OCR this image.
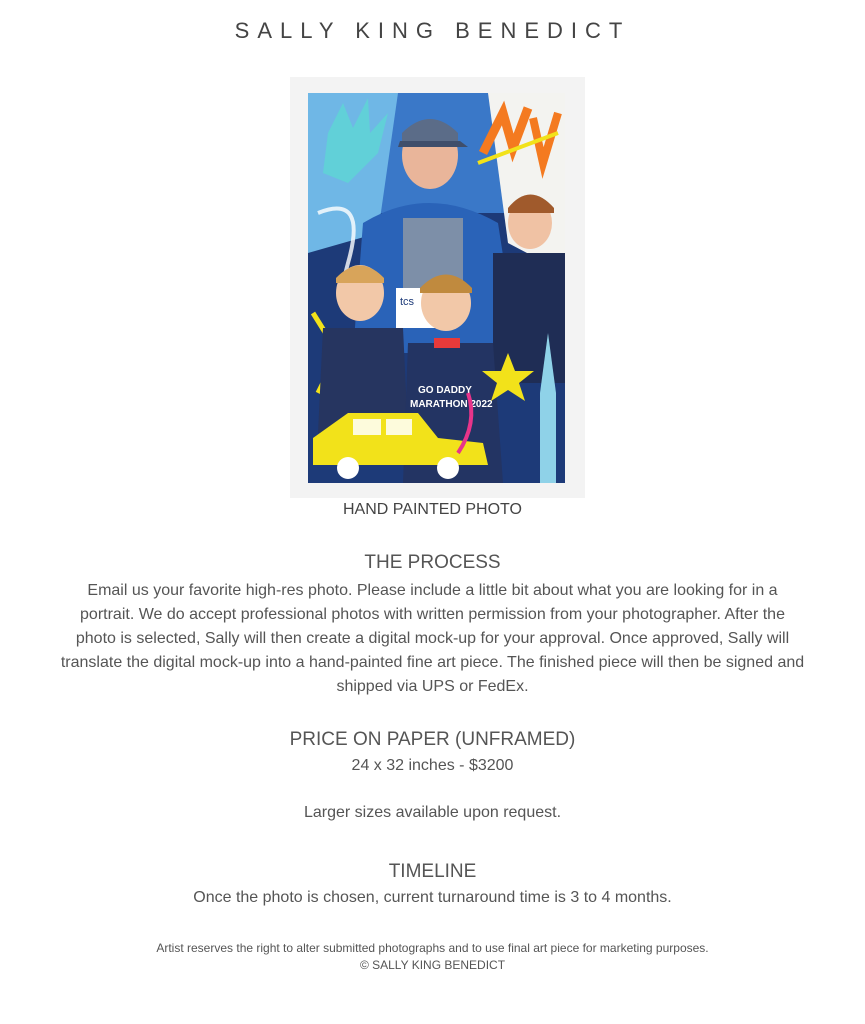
SALLY KING BENEDICT
tcs
GO DADDY
MARATHON 2022
HAND PAINTED PHOTO
THE PROCESS
Email us your favorite high-res photo. Please include a little bit about what you are looking for in a portrait. We do accept professional photos with written permission from your photographer. After the photo is selected, Sally will then create a digital mock-up for your approval. Once approved, Sally will translate the digital mock-up into a hand-painted fine art piece. The finished piece will then be signed and shipped via UPS or FedEx.
PRICE ON PAPER (UNFRAMED)
24 x 32 inches - $3200
Larger sizes available upon request.
TIMELINE
Once the photo is chosen, current turnaround time is 3 to 4 months.
Artist reserves the right to alter submitted photographs and to use final art piece for marketing purposes.
© SALLY KING BENEDICT
